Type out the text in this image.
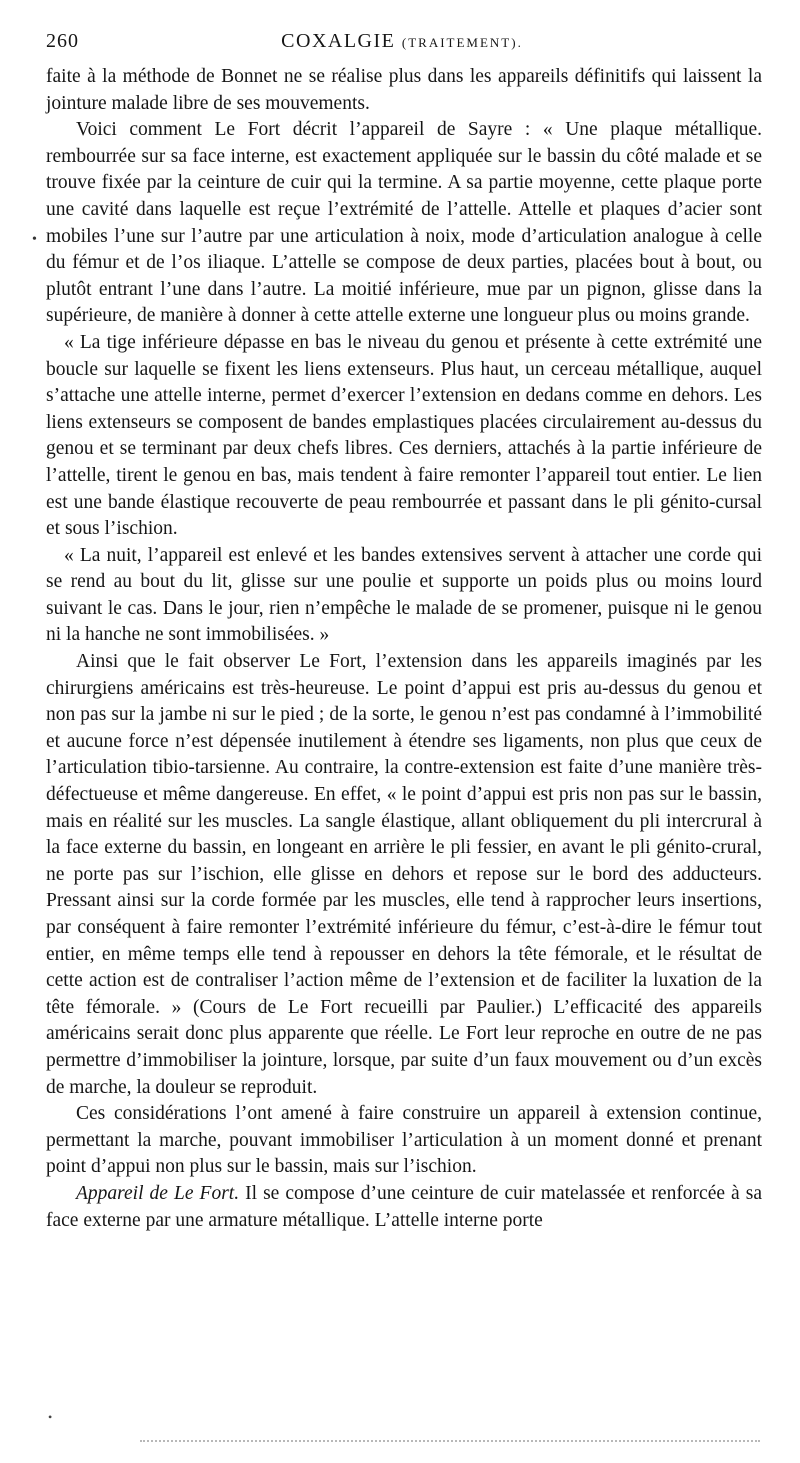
260	COXALGIE (TRAITEMENT).
•

faite à la méthode de Bonnet ne se réalise plus dans les appareils définitifs qui laissent la jointure malade libre de ses mouvements.

Voici comment Le Fort décrit l’appareil de Sayre : « Une plaque métallique. rembourrée sur sa face interne, est exactement appliquée sur le bassin du côté malade et se trouve fixée par la ceinture de cuir qui la termine. A sa partie moyenne, cette plaque porte une cavité dans laquelle est reçue l’extrémité de l’attelle. Attelle et plaques d’acier sont mobiles l’une sur l’autre par une articulation à noix, mode d’articulation analogue à celle du fémur et de l’os iliaque. L’attelle se compose de deux parties, placées bout à bout, ou plutôt entrant l’une dans l’autre. La moitié inférieure, mue par un pignon, glisse dans la supérieure, de manière à donner à cette attelle externe une longueur plus ou moins grande.

« La tige inférieure dépasse en bas le niveau du genou et présente à cette extrémité une boucle sur laquelle se fixent les liens extenseurs. Plus haut, un cerceau métallique, auquel s’attache une attelle interne, permet d’exercer l’extension en dedans comme en dehors. Les liens extenseurs se composent de bandes emplastiques placées circulairement au-dessus du genou et se terminant par deux chefs libres. Ces derniers, attachés à la partie inférieure de l’attelle, tirent le genou en bas, mais tendent à faire remonter l’appareil tout entier. Le lien est une bande élastique recouverte de peau rembourrée et passant dans le pli génito-cursal et sous l’ischion.

« La nuit, l’appareil est enlevé et les bandes extensives servent à attacher une corde qui se rend au bout du lit, glisse sur une poulie et supporte un poids plus ou moins lourd suivant le cas. Dans le jour, rien n’empêche le malade de se promener, puisque ni le genou ni la hanche ne sont immobilisées. »

Ainsi que le fait observer Le Fort, l’extension dans les appareils imaginés par les chirurgiens américains est très-heureuse. Le point d’appui est pris au-dessus du genou et non pas sur la jambe ni sur le pied ; de la sorte, le genou n’est pas condamné à l’immobilité et aucune force n’est dépensée inutilement à étendre ses ligaments, non plus que ceux de l’articulation tibio-tarsienne. Au contraire, la contre-extension est faite d’une manière très-défectueuse et même dangereuse. En effet, « le point d’appui est pris non pas sur le bassin, mais en réalité sur les muscles. La sangle élastique, allant obliquement du pli intercrural à la face externe du bassin, en longeant en arrière le pli fessier, en avant le pli génito-crural, ne porte pas sur l’ischion, elle glisse en dehors et repose sur le bord des adducteurs. Pressant ainsi sur la corde formée par les muscles, elle tend à rapprocher leurs insertions, par conséquent à faire remonter l’extrémité inférieure du fémur, c’est-à-dire le fémur tout entier, en même temps elle tend à repousser en dehors la tête fémorale, et le résultat de cette action est de contraliser l’action même de l’extension et de faciliter la luxation de la tête fémorale. » (Cours de Le Fort recueilli par Paulier.) L’efficacité des appareils américains serait donc plus apparente que réelle. Le Fort leur reproche en outre de ne pas permettre d’immobiliser la jointure, lorsque, par suite d’un faux mouvement ou d’un excès de marche, la douleur se reproduit.

Ces considérations l’ont amené à faire construire un appareil à extension continue, permettant la marche, pouvant immobiliser l’articulation à un moment donné et prenant point d’appui non plus sur le bassin, mais sur l’ischion.

Appareil de Le Fort. Il se compose d’une ceinture de cuir matelassée et renforcée à sa face externe par une armature métallique. L’attelle interne porte

•
